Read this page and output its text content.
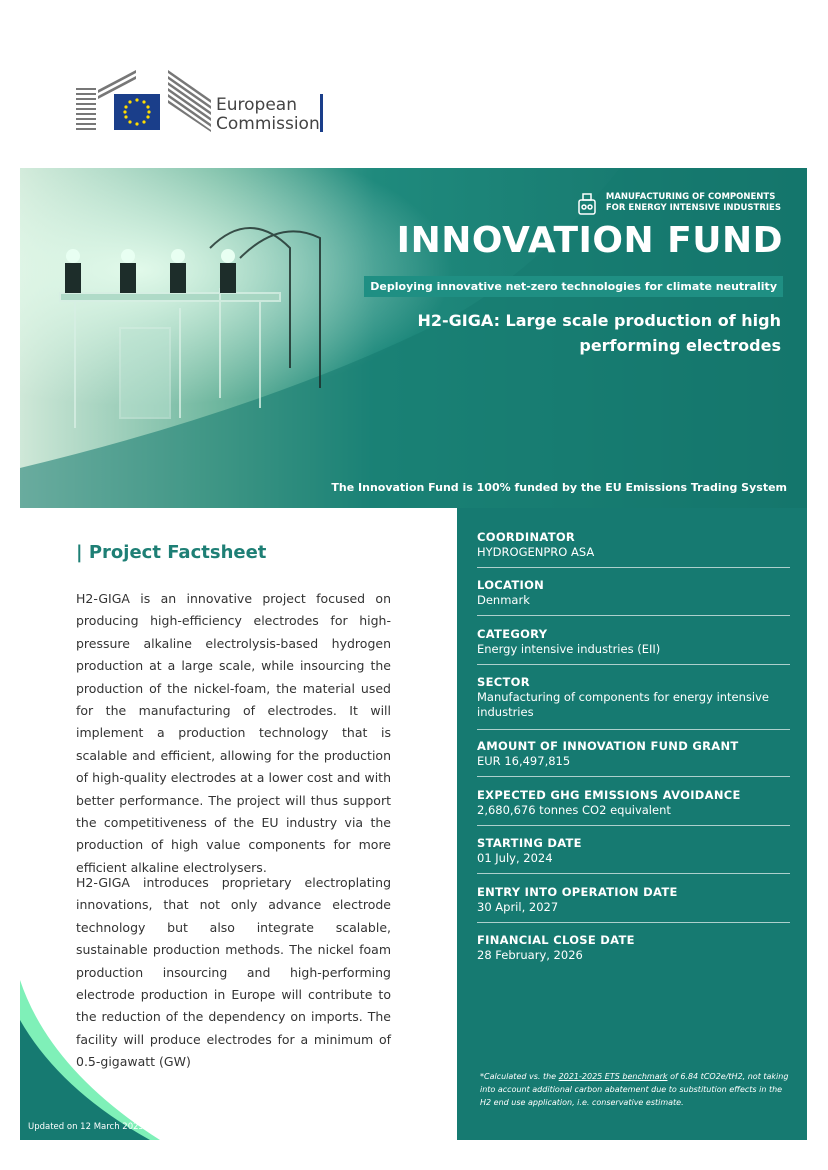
European
Commission
MANUFACTURING OF COMPONENTS
FOR ENERGY INTENSIVE INDUSTRIES
INNOVATION FUND
Deploying innovative net-zero technologies for climate neutrality
H2-GIGA: Large scale production of high
performing electrodes
The Innovation Fund is 100% funded by the EU Emissions Trading System
Updated on 12 March 2025
| Project Factsheet
H2-GIGA is an innovative project focused on producing high-efficiency electrodes for high-pressure alkaline electrolysis-based hydrogen production at a large scale, while insourcing the production of the nickel-foam, the material used for the manufacturing of electrodes. It will implement a production technology that is scalable and efficient, allowing for the production of high-quality electrodes at a lower cost and with better performance. The project will thus support the competitiveness of the EU industry via the production of high value components for more efficient alkaline electrolysers.
H2-GIGA introduces proprietary electroplating innovations, that not only advance electrode technology but also integrate scalable, sustainable production methods. The nickel foam production insourcing and high-performing electrode production in Europe will contribute to the reduction of the dependency on imports. The facility will produce electrodes for a minimum of 0.5-gigawatt (GW)
COORDINATOR
HYDROGENPRO ASA
LOCATION
Denmark
CATEGORY
Energy intensive industries (EII)
SECTOR
Manufacturing of components for energy intensive industries
AMOUNT OF INNOVATION FUND GRANT
EUR 16,497,815
EXPECTED GHG EMISSIONS AVOIDANCE
2,680,676 tonnes CO2 equivalent
STARTING DATE
01 July, 2024
ENTRY INTO OPERATION DATE
30 April, 2027
FINANCIAL CLOSE DATE
28 February, 2026
*Calculated vs. the 2021-2025 ETS benchmark of 6.84 tCO2e/tH2, not taking into account additional carbon abatement due to substitution effects in the H2 end use application, i.e. conservative estimate.
